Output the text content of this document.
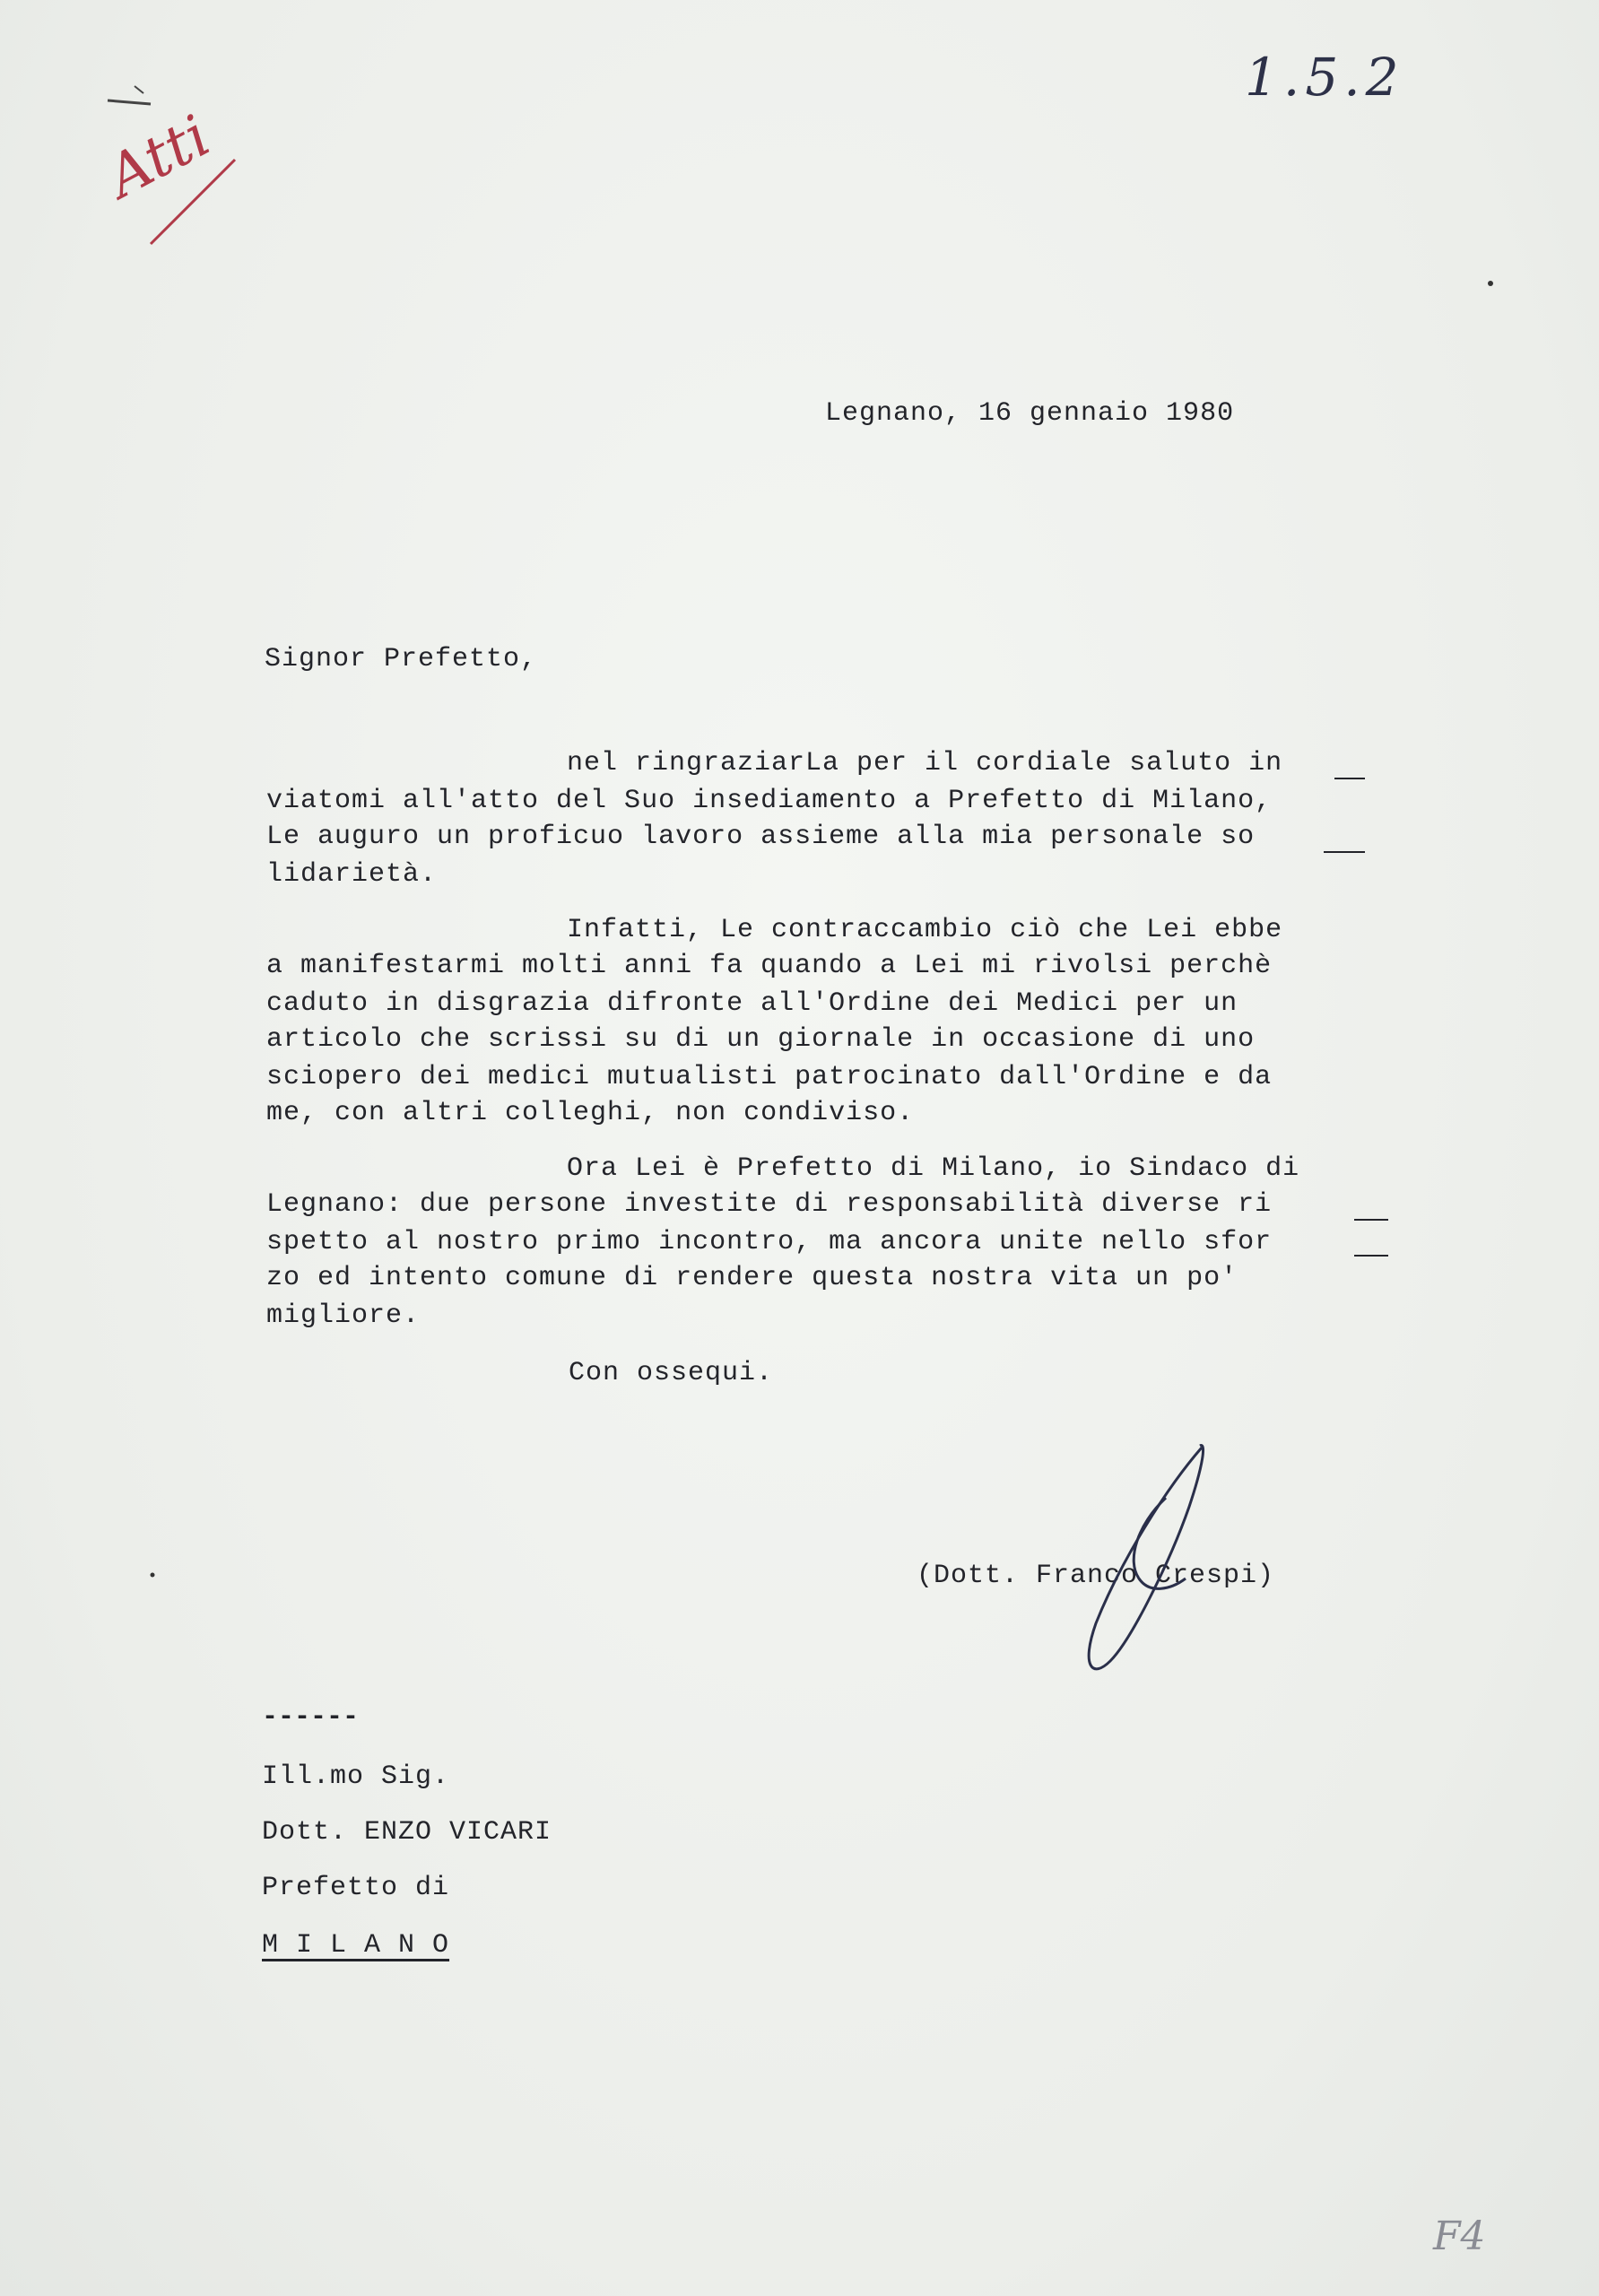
1.5.2
Atti
F4
Legnano, 16 gennaio 1980
Signor Prefetto,
nel ringraziarLa per il cordiale saluto in
viatomi all'atto del Suo insediamento a Prefetto di Milano,
Le auguro un proficuo lavoro assieme alla mia personale so
lidarietà.
Infatti, Le contraccambio ciò che Lei ebbe
a manifestarmi molti anni fa quando a Lei mi rivolsi perchè
caduto in disgrazia difronte all'Ordine dei Medici per un
articolo che scrissi su di un giornale in occasione di uno
sciopero dei medici mutualisti patrocinato dall'Ordine e da
me, con altri colleghi, non condiviso.
Ora Lei è Prefetto di Milano, io Sindaco di
Legnano: due persone investite di responsabilità diverse ri
spetto al nostro primo incontro, ma ancora unite nello sfor
zo ed intento comune di rendere questa nostra vita un po'
migliore.
Con ossequi.
(Dott. Franco Crespi)
------
Ill.mo Sig.
Dott. ENZO VICARI
Prefetto di
M I L A N O
